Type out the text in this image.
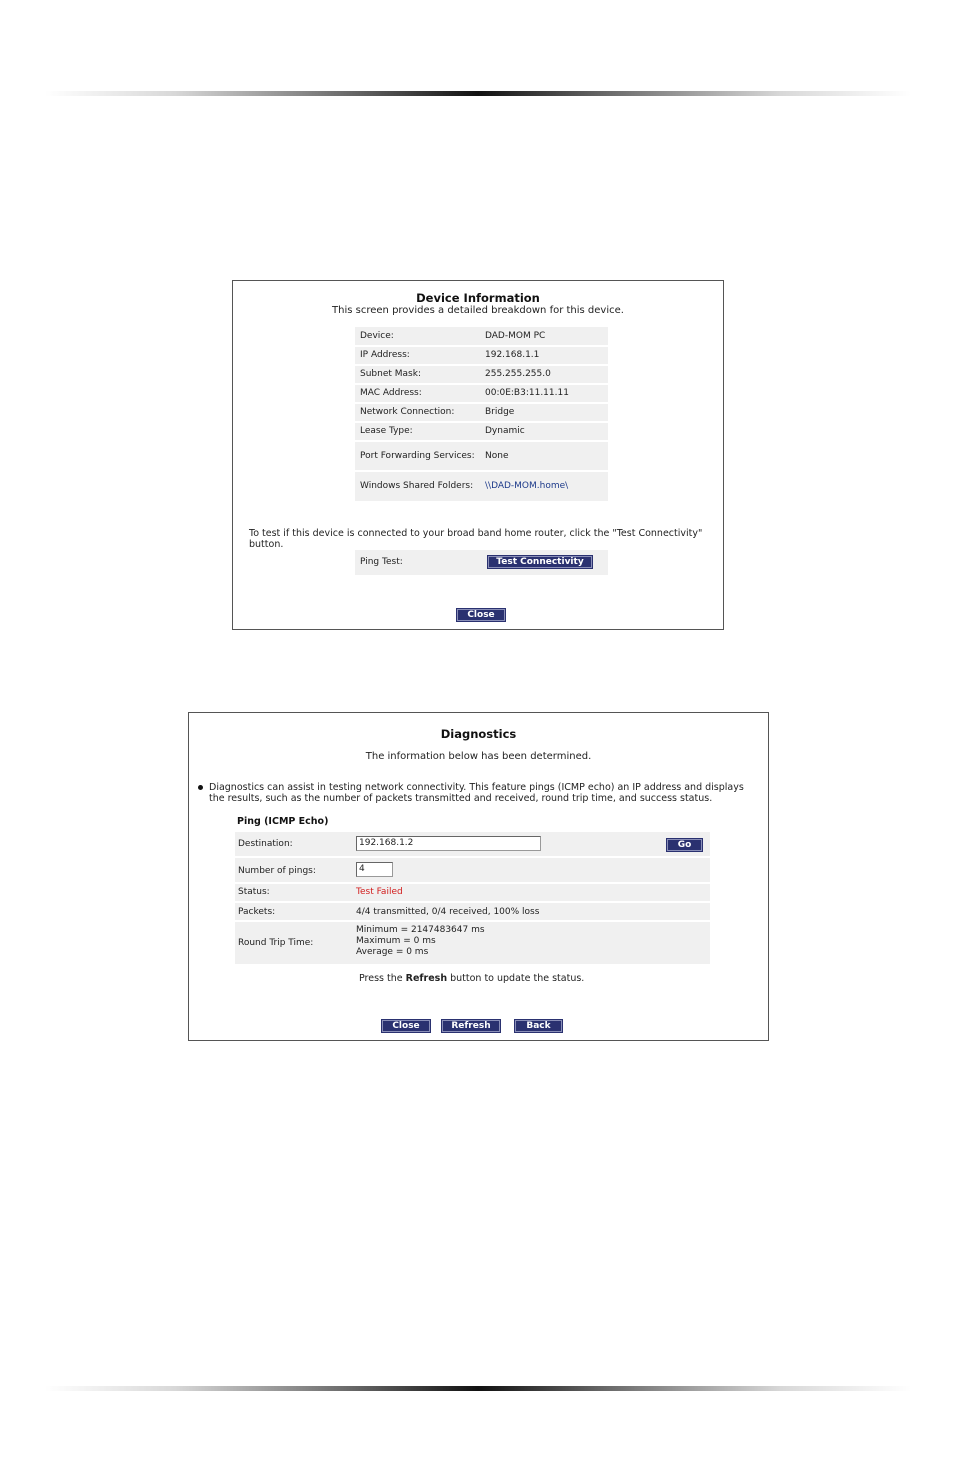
Device Information
This screen provides a detailed breakdown for this device.
Device:	DAD-MOM PC
IP Address:	192.168.1.1
Subnet Mask:	255.255.255.0
MAC Address:	00:0E:B3:11.11.11
Network Connection:	Bridge
Lease Type:	Dynamic
Port Forwarding Services:	None
Windows Shared Folders:	\\DAD-MOM.home\
To test if this device is connected to your broad band home router, click the "Test Connectivity" button.
Ping Test:	Test Connectivity
Close
Diagnostics
The information below has been determined.
Diagnostics can assist in testing network connectivity. This feature pings (ICMP echo) an IP address and displays the results, such as the number of packets transmitted and received, round trip time, and success status.
Ping (ICMP Echo)
Destination:	192.168.1.2	Go
Number of pings:	4
Status:	Test Failed
Packets:	4/4 transmitted, 0/4 received, 100% loss
Round Trip Time:
Minimum = 2147483647 ms
Maximum = 0 ms
Average = 0 ms
Press the Refresh button to update the status.
Close	Refresh	Back
